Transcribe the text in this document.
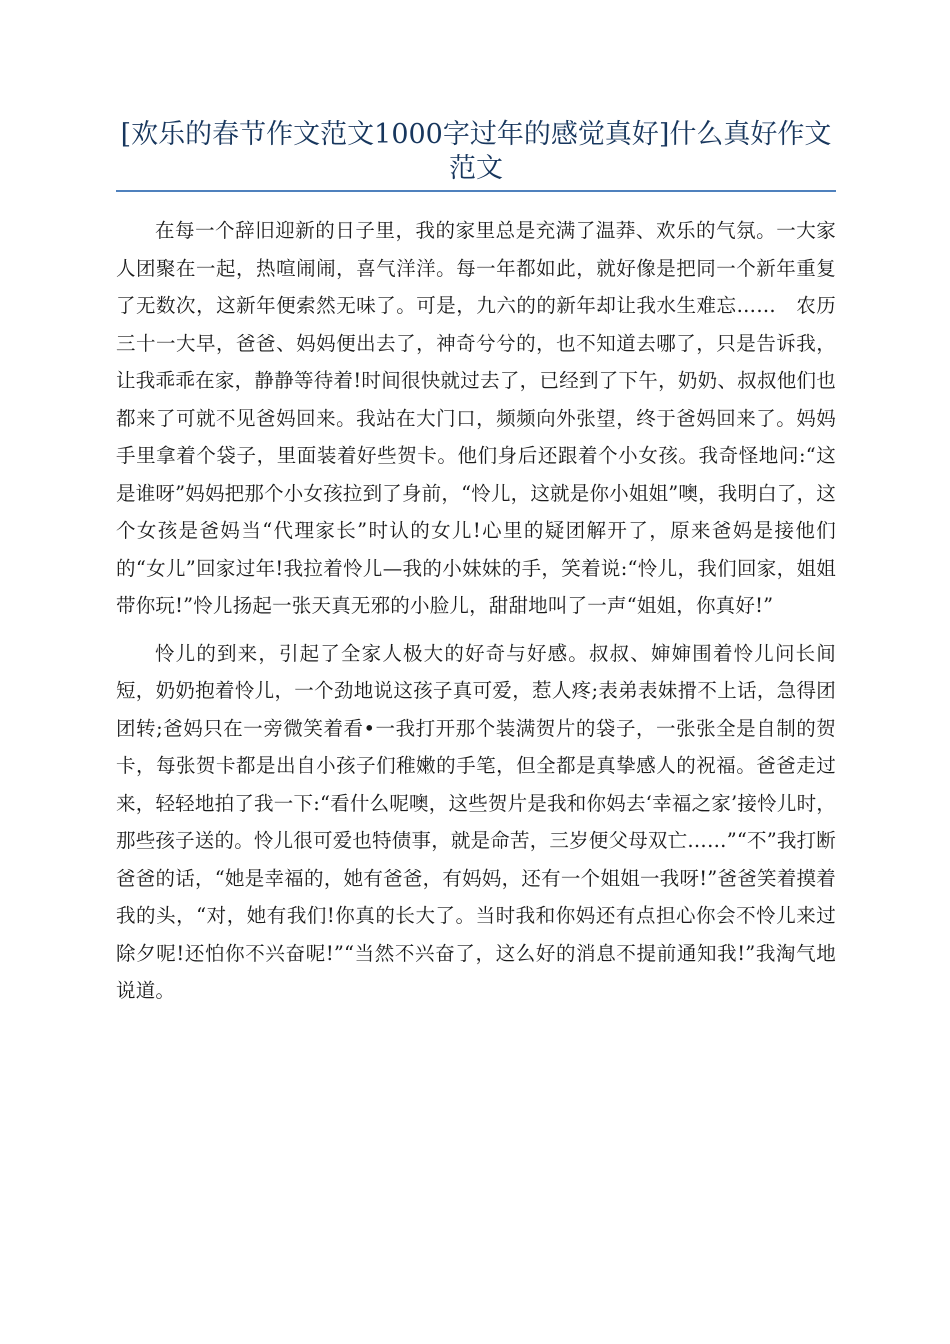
[欢乐的春节作文范文1000字过年的感觉真好]什么真好作文范文

在每一个辞旧迎新的日子里，我的家里总是充满了温莽、欢乐的气氛。一大家人团聚在一起，热喧闹闹，喜气洋洋。每一年都如此，就好像是把同一个新年重复了无数次，这新年便索然无味了。可是，九六的的新年却让我水生难忘……　农历三十一大早，爸爸、妈妈便出去了，神奇兮兮的，也不知道去哪了，只是告诉我，让我乖乖在家，静静等待着!时间很快就过去了，已经到了下午，奶奶、叔叔他们也都来了可就不见爸妈回来。我站在大门口，频频向外张望，终于爸妈回来了。妈妈手里拿着个袋子，里面装着好些贺卡。他们身后还跟着个小女孩。我奇怪地问:“这是谁呀”妈妈把那个小女孩拉到了身前，“怜儿，这就是你小姐姐”噢，我明白了，这个女孩是爸妈当“代理家长”时认的女儿!心里的疑团解开了，原来爸妈是接他们的“女儿”回家过年!我拉着怜儿—我的小妹妹的手，笑着说:“怜儿，我们回家，姐姐带你玩!”怜儿扬起一张天真无邪的小脸儿，甜甜地叫了一声“姐姐，你真好!”

怜儿的到来，引起了全家人极大的好奇与好感。叔叔、婶婶围着怜儿问长间短，奶奶抱着怜儿，一个劲地说这孩子真可爱，惹人疼;表弟表妹搰不上话，急得团团转;爸妈只在一旁微笑着看•一我打开那个装满贺片的袋子，一张张全是自制的贺卡，每张贺卡都是出自小孩子们稚嫩的手笔，但全都是真挚感人的祝福。爸爸走过来，轻轻地拍了我一下:“看什么呢噢，这些贺片是我和你妈去‘幸福之家’接怜儿时，那些孩子送的。怜儿很可爱也特债事，就是命苦，三岁便父母双亡……”“不”我打断爸爸的话，“她是幸福的，她有爸爸，有妈妈，还有一个姐姐一我呀!”爸爸笑着摸着我的头，“对，她有我们!你真的长大了。当时我和你妈还有点担心你会不怜儿来过除夕呢!还怕你不兴奋呢!”“当然不兴奋了，这么好的消息不提前通知我!”我淘气地说道。
